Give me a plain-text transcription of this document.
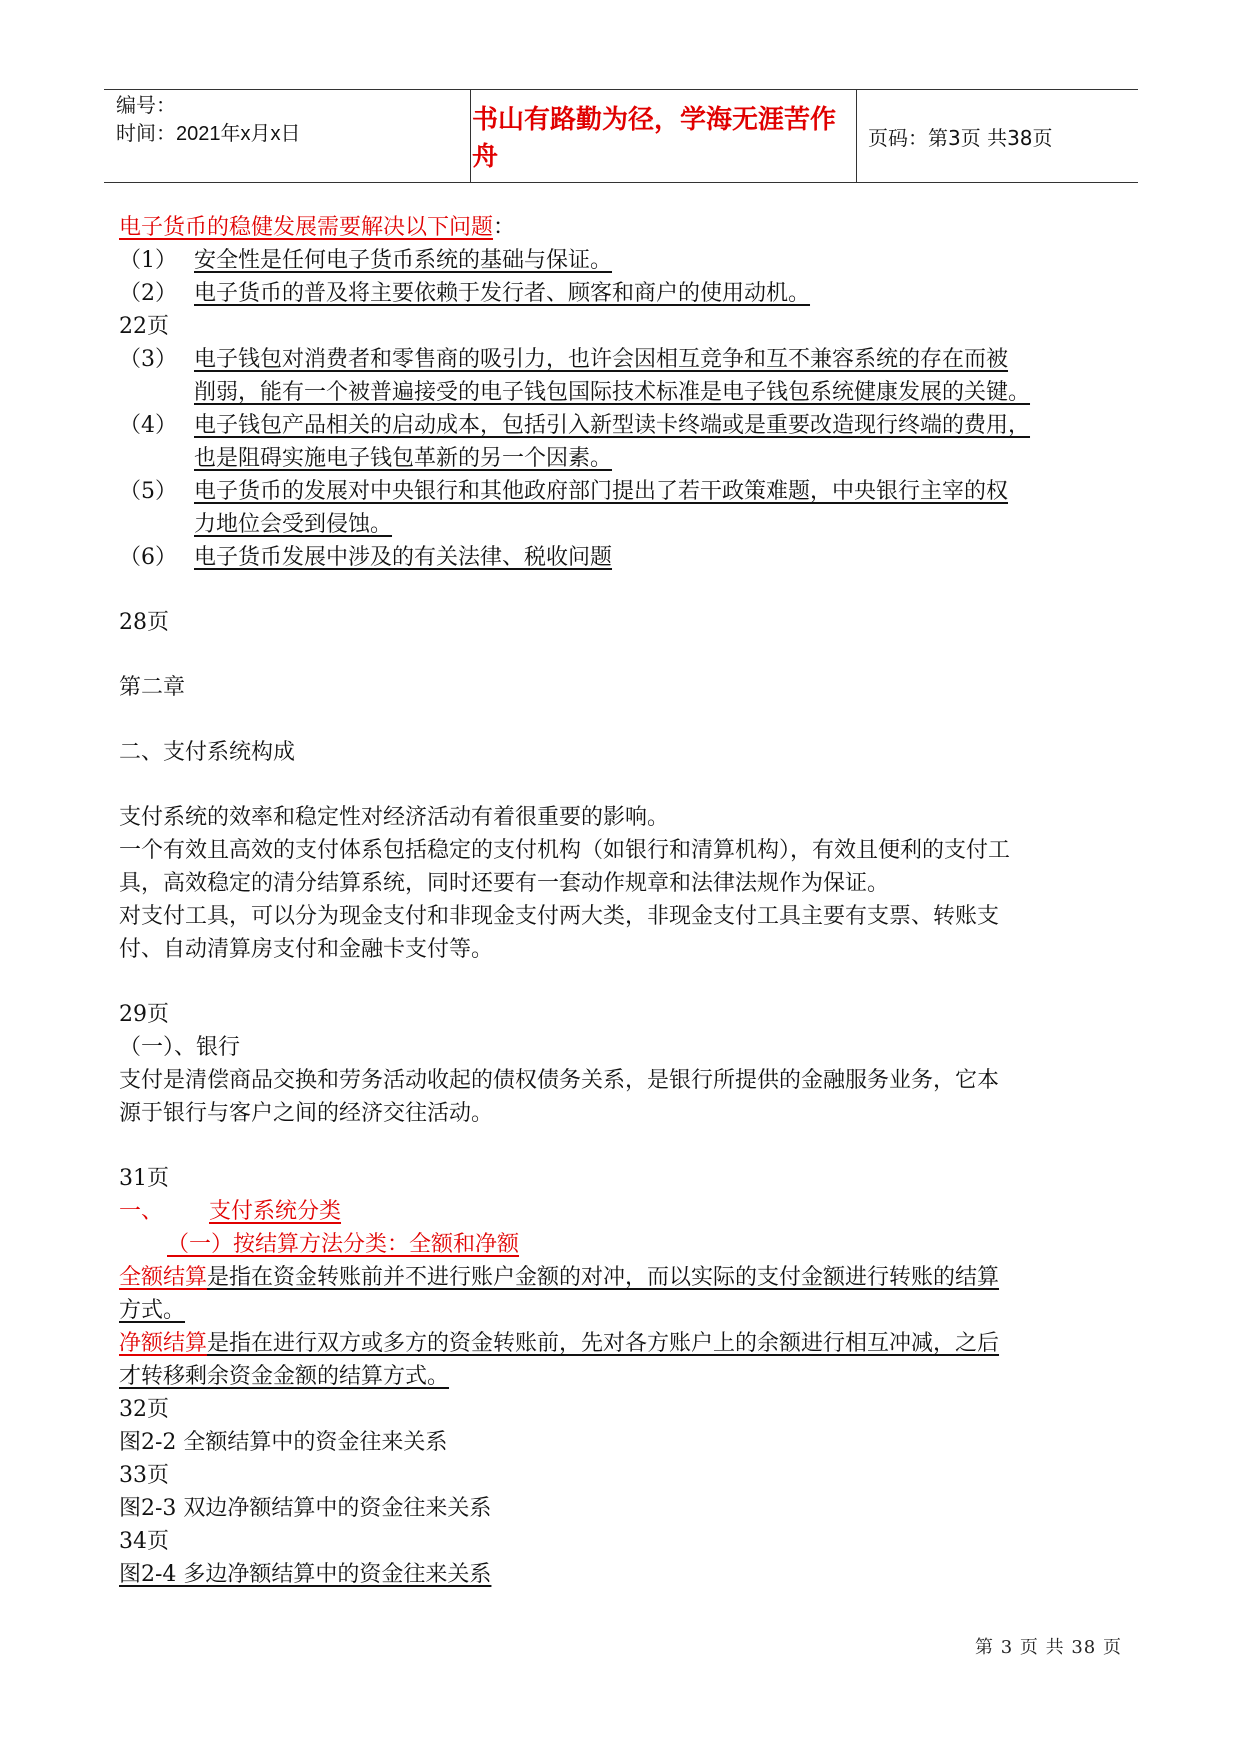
编号：
时间：2021年x月x日	书山有路勤为径，学海无涯苦作舟
页码：第3页 共38页
电子货币的稳健发展需要解决以下问题：
（1） 安全性是任何电子货币系统的基础与保证。
（2） 电子货币的普及将主要依赖于发行者、顾客和商户的使用动机。
22页
（3） 电子钱包对消费者和零售商的吸引力，也许会因相互竞争和互不兼容系统的存在而被
削弱，能有一个被普遍接受的电子钱包国际技术标准是电子钱包系统健康发展的关键。
（4） 电子钱包产品相关的启动成本，包括引入新型读卡终端或是重要改造现行终端的费用，
也是阻碍实施电子钱包革新的另一个因素。
（5） 电子货币的发展对中央银行和其他政府部门提出了若干政策难题，中央银行主宰的权
力地位会受到侵蚀。
（6） 电子货币发展中涉及的有关法律、税收问题
28页
第二章
二、支付系统构成
支付系统的效率和稳定性对经济活动有着很重要的影响。
一个有效且高效的支付体系包括稳定的支付机构（如银行和清算机构），有效且便利的支付工
具，高效稳定的清分结算系统，同时还要有一套动作规章和法律法规作为保证。
对支付工具，可以分为现金支付和非现金支付两大类，非现金支付工具主要有支票、转账支
付、自动清算房支付和金融卡支付等。
29页
（一）、银行
支付是清偿商品交换和劳务活动收起的债权债务关系，是银行所提供的金融服务业务，它本
源于银行与客户之间的经济交往活动。
31页
一、 支付系统分类
（一）按结算方法分类：全额和净额
全额结算是指在资金转账前并不进行账户金额的对冲，而以实际的支付金额进行转账的结算
方式。
净额结算是指在进行双方或多方的资金转账前，先对各方账户上的余额进行相互冲减，之后
才转移剩余资金金额的结算方式。
32页
图2-2 全额结算中的资金往来关系
33页
图2-3 双边净额结算中的资金往来关系
34页
图2-4 多边净额结算中的资金往来关系
第 3 页 共 38 页
